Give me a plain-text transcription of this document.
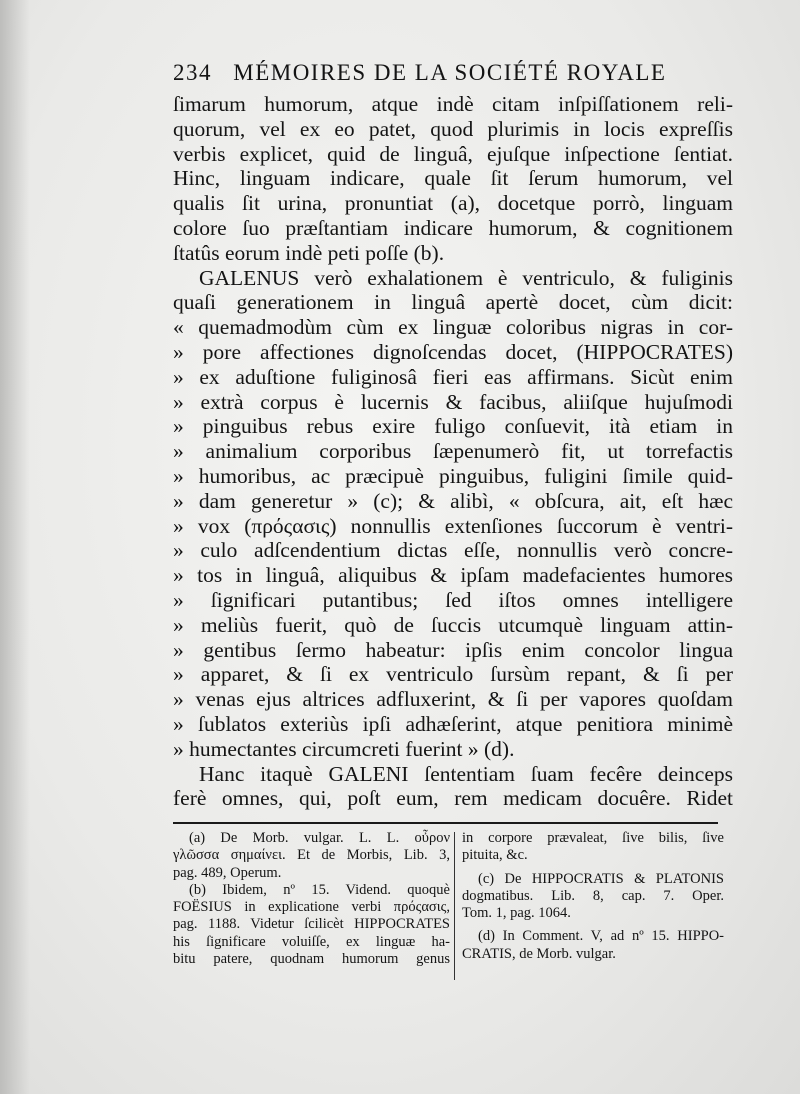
234 MÉMOIRES DE LA SOCIÉTÉ ROYALE
ſimarum humorum, atque indè citam inſpiſſationem reli-
quorum, vel ex eo patet, quod plurimis in locis expreſſis
verbis explicet, quid de linguâ, ejuſque inſpectione ſentiat.
Hinc, linguam indicare, quale ſit ſerum humorum, vel
qualis ſit urina, pronuntiat (a), docetque porrò, linguam
colore ſuo præſtantiam indicare humorum, & cognitionem
ſtatûs eorum indè peti poſſe (b).
GALENUS verò exhalationem è ventriculo, & fuliginis
quaſi generationem in linguâ apertè docet, cùm dicit:
« quemadmodùm cùm ex linguæ coloribus nigras in cor-
» pore affectiones dignoſcendas docet, (HIPPOCRATES)
» ex aduſtione fuliginosâ fieri eas affirmans. Sicùt enim
» extrà corpus è lucernis & facibus, aliiſque hujuſmodi
» pinguibus rebus exire fuligo conſuevit, ità etiam in
» animalium corporibus ſæpenumerò fit, ut torrefactis
» humoribus, ac præcipuè pinguibus, fuligini ſimile quid-
» dam generetur » (c); & alibì, « obſcura, ait, eſt hæc
» vox (πρόςασις) nonnullis extenſiones ſuccorum è ventri-
» culo adſcendentium dictas eſſe, nonnullis verò concre-
» tos in linguâ, aliquibus & ipſam madefacientes humores
» ſignificari putantibus; ſed iſtos omnes intelligere
» meliùs fuerit, quò de ſuccis utcumquè linguam attin-
» gentibus ſermo habeatur: ipſis enim concolor lingua
» apparet, & ſi ex ventriculo ſursùm repant, & ſi per
» venas ejus altrices adfluxerint, & ſi per vapores quoſdam
» ſublatos exteriùs ipſi adhæſerint, atque penitiora minimè
» humectantes circumcreti fuerint » (d).
Hanc itaquè GALENI ſententiam ſuam fecêre deinceps
ferè omnes, qui, poſt eum, rem medicam docuêre. Ridet
(a) De Morb. vulgar. L. L. οὖρον
γλῶσσα σημαίνει. Et de Morbis, Lib. 3,
pag. 489, Operum.
(b) Ibidem, nº 15. Vidend. quoquè
FOËSIUS in explicatione verbi πρόςασις,
pag. 1188. Videtur ſcilicèt HIPPOCRATES
his ſignificare voluiſſe, ex linguæ ha-
bitu patere, quodnam humorum genus
in corpore prævaleat, ſive bilis, ſive
pituita, &c.
(c) De HIPPOCRATIS & PLATONIS
dogmatibus. Lib. 8, cap. 7. Oper.
Tom. 1, pag. 1064.
(d) In Comment. V, ad nº 15. HIPPO-
CRATIS, de Morb. vulgar.
